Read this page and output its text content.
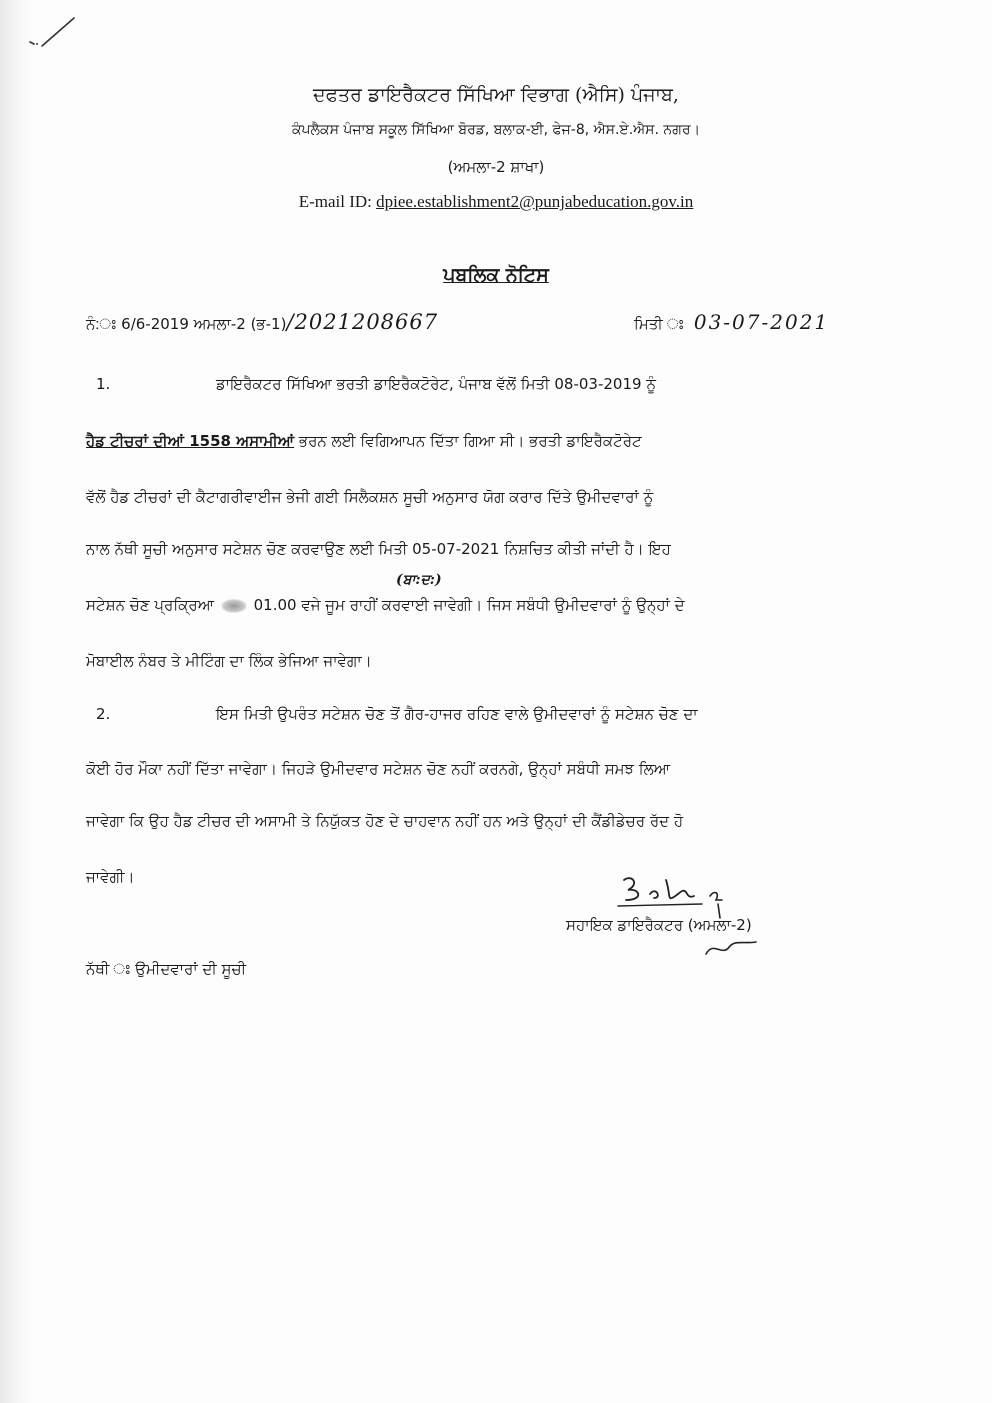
ਦਫਤਰ ਡਾਇਰੈਕਟਰ ਸਿੱਖਿਆ ਵਿਭਾਗ (ਐਸਿ) ਪੰਜਾਬ,
ਕੰਪਲੈਕਸ ਪੰਜਾਬ ਸਕੂਲ ਸਿੱਖਿਆ ਬੋਰਡ, ਬਲਾਕ-ਈ, ਫੇਜ-8, ਐਸ.ਏ.ਐਸ. ਨਗਰ।
(ਅਮਲਾ-2 ਸ਼ਾਖਾ)
E-mail ID: dpiee.establishment2@punjabeducation.gov.in
ਪਬਲਿਕ ਨੋਟਿਸ
ਨੰ:ਃ 6/6-2019 ਅਮਲਾ-2 (ਭ-1)/2021208667	ਮਿਤੀ ਃ 03-07-2021
1.	ਡਾਇਰੈਕਟਰ ਸਿੱਖਿਆ ਭਰਤੀ ਡਾਇਰੈਕਟੋਰੇਟ, ਪੰਜਾਬ ਵੱਲੋਂ ਮਿਤੀ 08-03-2019 ਨੂੰ
ਹੈਡ ਟੀਚਰਾਂ ਦੀਆਂ 1558 ਅਸਾਮੀਆਂ ਭਰਨ ਲਈ ਵਿਗਿਆਪਨ ਦਿੱਤਾ ਗਿਆ ਸੀ। ਭਰਤੀ ਡਾਇਰੈਕਟੋਰੇਟ
ਵੱਲੋਂ ਹੈਡ ਟੀਚਰਾਂ ਦੀ ਕੈਟਾਗਰੀਵਾਈਜ ਭੇਜੀ ਗਈ ਸਿਲੈਕਸ਼ਨ ਸੂਚੀ ਅਨੁਸਾਰ ਯੋਗ ਕਰਾਰ ਦਿੱਤੇ ਉਮੀਦਵਾਰਾਂ ਨੂੰ
ਨਾਲ ਨੱਥੀ ਸੂਚੀ ਅਨੁਸਾਰ ਸਟੇਸ਼ਨ ਚੋਣ ਕਰਵਾਉਣ ਲਈ ਮਿਤੀ 05-07-2021 ਨਿਸ਼ਚਿਤ ਕੀਤੀ ਜਾਂਦੀ ਹੈ। ਇਹ
(ਬਾ:ਦ:)
ਸਟੇਸ਼ਨ ਚੋਣ ਪ੍ਰਕ੍ਰਿਆ	01.00 ਵਜੇ ਜੂਮ ਰਾਹੀਂ ਕਰਵਾਈ ਜਾਵੇਗੀ। ਜਿਸ ਸਬੰਧੀ ਉਮੀਦਵਾਰਾਂ ਨੂੰ ਉਨ੍ਹਾਂ ਦੇ
ਮੋਬਾਈਲ ਨੰਬਰ ਤੇ ਮੀਟਿੰਗ ਦਾ ਲਿੰਕ ਭੇਜਿਆ ਜਾਵੇਗਾ।
2.	ਇਸ ਮਿਤੀ ਉਪਰੰਤ ਸਟੇਸ਼ਨ ਚੋਣ ਤੋਂ ਗੈਰ-ਹਾਜਰ ਰਹਿਣ ਵਾਲੇ ਉਮੀਦਵਾਰਾਂ ਨੂੰ ਸਟੇਸ਼ਨ ਚੋਣ ਦਾ
ਕੋਈ ਹੋਰ ਮੌਕਾ ਨਹੀਂ ਦਿੱਤਾ ਜਾਵੇਗਾ। ਜਿਹੜੇ ਉਮੀਦਵਾਰ ਸਟੇਸ਼ਨ ਚੋਣ ਨਹੀਂ ਕਰਨਗੇ, ਉਨ੍ਹਾਂ ਸਬੰਧੀ ਸਮਝ ਲਿਆ
ਜਾਵੇਗਾ ਕਿ ਉਹ ਹੈਡ ਟੀਚਰ ਦੀ ਅਸਾਮੀ ਤੇ ਨਿਯੁੱਕਤ ਹੋਣ ਦੇ ਚਾਹਵਾਨ ਨਹੀਂ ਹਨ ਅਤੇ ਉਨ੍ਹਾਂ ਦੀ ਕੈਂਡੀਡੇਚਰ ਰੱਦ ਹੋ
ਜਾਵੇਗੀ।
ਸਹਾਇਕ ਡਾਇਰੈਕਟਰ (ਅਮਲਾ-2)
ਨੱਥੀ ਃ ਉਮੀਦਵਾਰਾਂ ਦੀ ਸੂਚੀ
